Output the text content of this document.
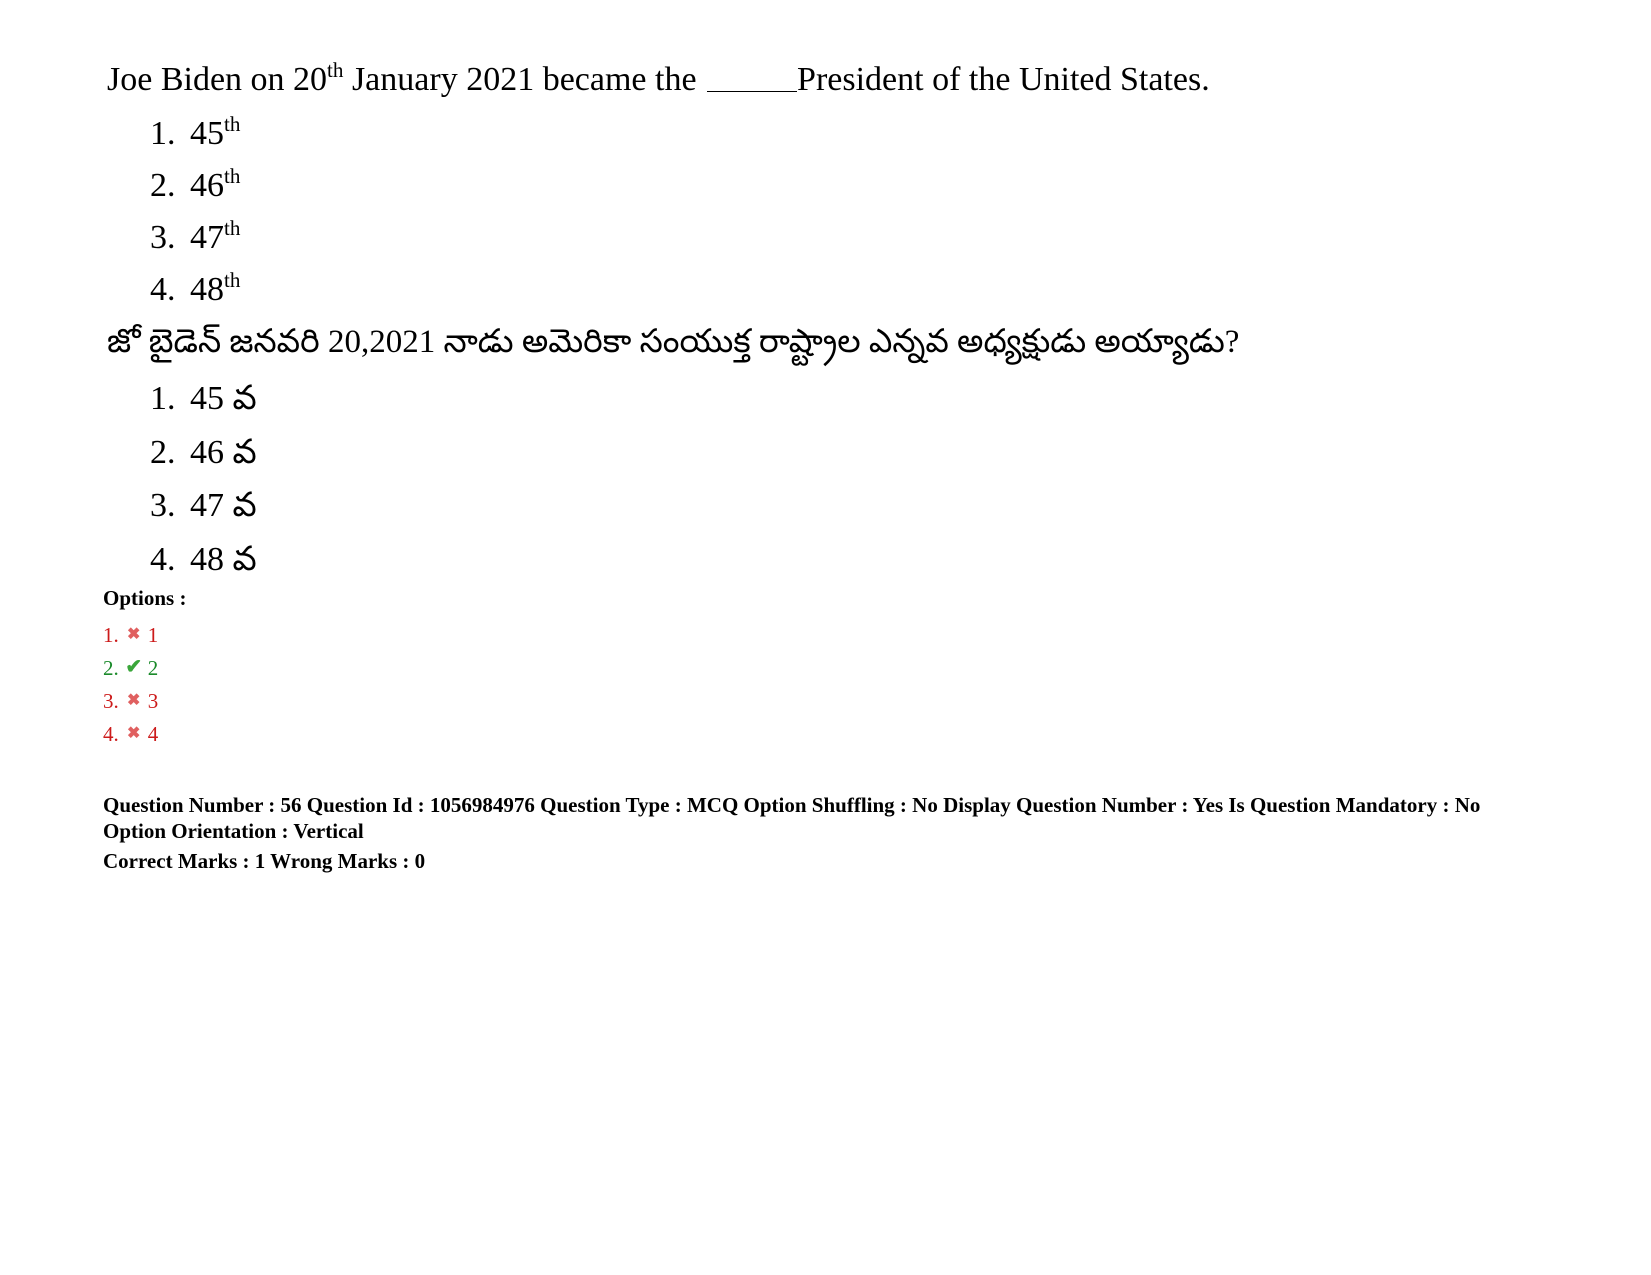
Joe Biden on 20th January 2021 became the	President of the United States.
1. 45th
2. 46th
3. 47th
4. 48th
జో బైడెన్ జనవరి 20,2021 నాడు అమెరికా సంయుక్త రాష్ట్రాల ఎన్నవ అధ్యక్షుడు అయ్యాడు?
1. 45 వ
2. 46 వ
3. 47 వ
4. 48 వ
Options :
1. ✖ 1
2. ✔ 2
3. ✖ 3
4. ✖ 4
Question Number : 56 Question Id : 1056984976 Question Type : MCQ Option Shuffling : No Display Question Number : Yes Is Question Mandatory : No
Option Orientation : Vertical
Correct Marks : 1 Wrong Marks : 0
